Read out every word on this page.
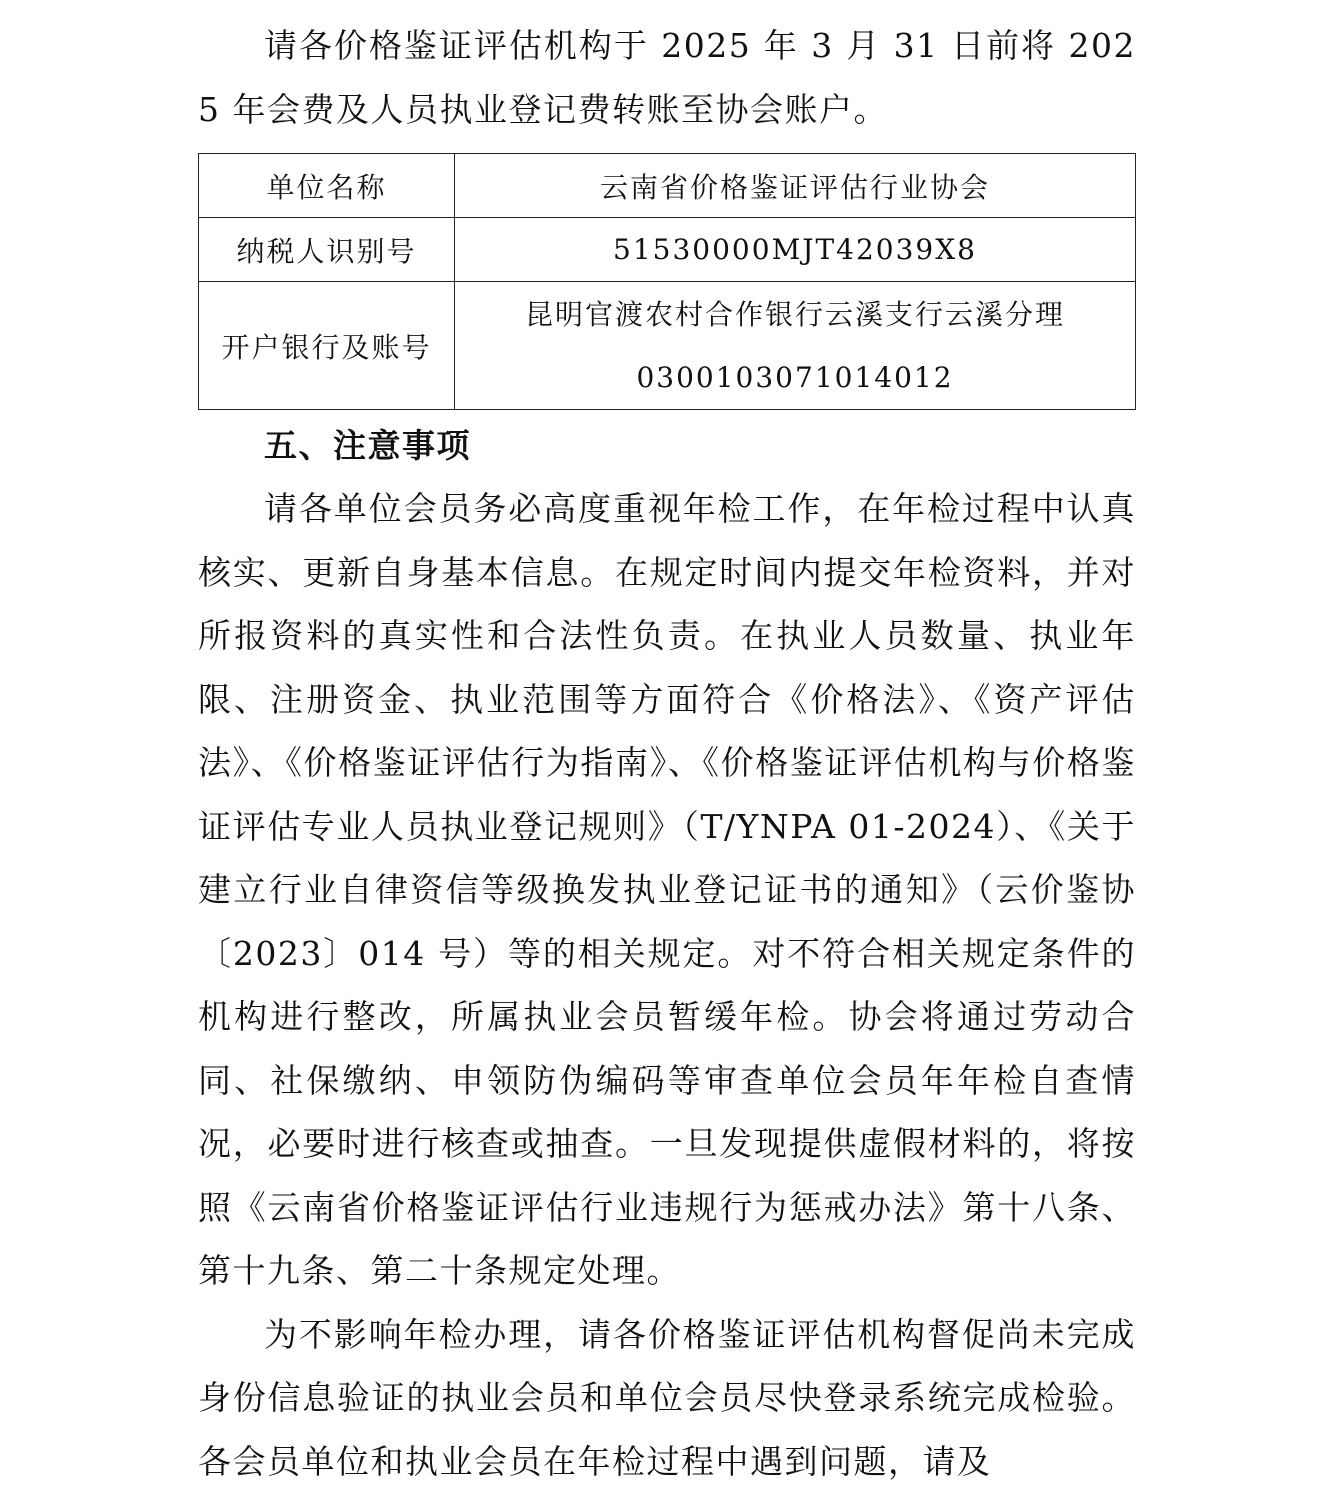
请各价格鉴证评估机构于 2025 年 3 月 31 日前将 2025 年会费及人员执业登记费转账至协会账户。

单位名称	云南省价格鉴证评估行业协会
纳税人识别号	51530000MJT42039X8
开户银行及账号	昆明官渡农村合作银行云溪支行云溪分理
0300103071014012

五、注意事项

请各单位会员务必高度重视年检工作，在年检过程中认真核实、更新自身基本信息。在规定时间内提交年检资料，并对所报资料的真实性和合法性负责。在执业人员数量、执业年限、注册资金、执业范围等方面符合《价格法》、《资产评估法》、《价格鉴证评估行为指南》、《价格鉴证评估机构与价格鉴证评估专业人员执业登记规则》（T/YNPA 01-2024）、《关于建立行业自律资信等级换发执业登记证书的通知》（云价鉴协〔2023〕014 号）等的相关规定。对不符合相关规定条件的机构进行整改，所属执业会员暂缓年检。协会将通过劳动合同、社保缴纳、申领防伪编码等审查单位会员年年检自查情况，必要时进行核查或抽查。一旦发现提供虚假材料的，将按照《云南省价格鉴证评估行业违规行为惩戒办法》第十八条、第十九条、第二十条规定处理。

为不影响年检办理，请各价格鉴证评估机构督促尚未完成身份信息验证的执业会员和单位会员尽快登录系统完成检验。各会员单位和执业会员在年检过程中遇到问题，请及
